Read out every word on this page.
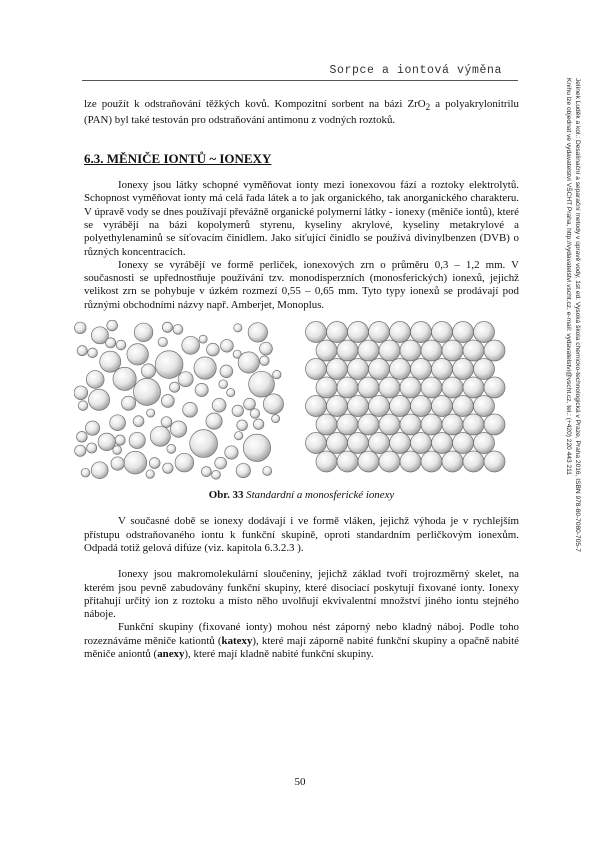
Sorpce a iontová výměna
Jelínek Luděk a kol.: Desalinační a separační metody v úpravě vody, 1st ed. Vysoká škola chemicko-technologická v Praze, Praha 2016, ISBN 978-80-7080-705-7
Knihu lze objednat ve vydavatelství VŠCHT Praha, http://vydavatelstvi.vscht.cz, e-mail: vydavatelstvi@vscht.cz, tel.: (+420) 220 443 211

lze použít k odstraňování těžkých kovů. Kompozitní sorbent na bázi ZrO$_2$ a polyakrylonitrilu (PAN) byl také testován pro odstraňování antimonu z vodných roztoků.

6.3. MĚNIČE IONTŮ ~ IONEXY

Ionexy jsou látky schopné vyměňovat ionty mezi ionexovou fází a roztoky elektrolytů. Schopnost vyměňovat ionty má celá řada látek a to jak organického, tak anorganického charakteru. V úpravě vody se dnes používají převážně organické polymerní látky - ionexy (měniče iontů), které se vyrábějí na bázi kopolymerů styrenu, kyseliny akrylové, kyseliny metakrylové a polyethylenaminů se síťovacím činidlem. Jako síťující činidlo se používá divinylbenzen (DVB) o různých koncentracích.

Ionexy se vyrábějí ve formě perliček, ionexových zrn o průměru 0,3 – 1,2 mm. V současnosti se upřednostňuje používání tzv. monodisperzních (monosferických) ionexů, jejichž velikost zrn se pohybuje v úzkém rozmezí 0,55 – 0,65 mm. Tyto typy ionexů se prodávají pod různými obchodními názvy např. Amberjet, Monoplus.

Obr. 33 Standardní a monosferické ionexy

V současné době se ionexy dodávají i ve formě vláken, jejichž výhoda je v rychlejším přístupu odstraňovaného iontu k funkční skupině, oproti standardním perličkovým ionexům. Odpadá totiž gelová difúze (viz. kapitola 6.3.2.3 ).

Ionexy jsou makromolekulární sloučeniny, jejichž základ tvoří trojrozměrný skelet, na kterém jsou pevně zabudovány funkční skupiny, které disociací poskytují fixované ionty. Ionexy přitahují určitý ion z roztoku a místo něho uvolňují ekvivalentní množství jiného iontu stejného náboje.

Funkční skupiny (fixované ionty) mohou nést záporný nebo kladný náboj. Podle toho rozeznáváme měniče kationtů (katexy), které mají záporně nabité funkční skupiny a opačně nabité měniče aniontů (anexy), které mají kladně nabité funkční skupiny.

50
